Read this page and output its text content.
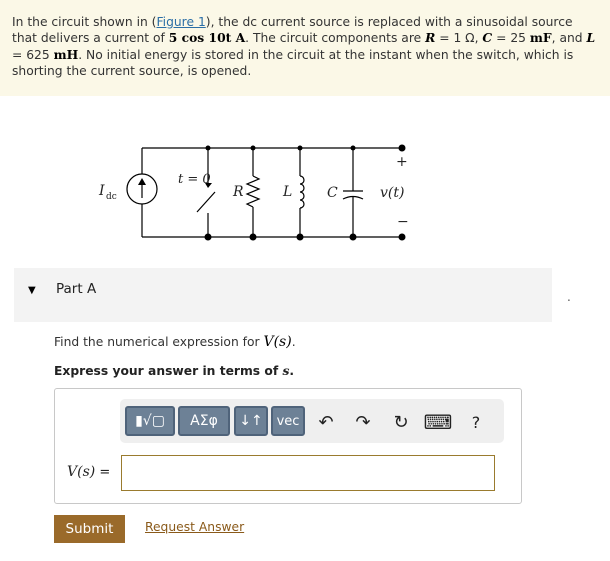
In the circuit shown in (Figure 1), the dc current source is replaced with a sinusoidal source that delivers a current of 5 cos 10t A. The circuit components are R = 1 Ω, C = 25 mF, and L = 625 mH. No initial energy is stored in the circuit at the instant when the switch, which is shorting the current source, is opened.

I dc
t = 0
R	L C	v(t)
+
−
▼ Part A	.
Find the numerical expression for V(s).
Express your answer in terms of s.
▮√▢	ΑΣφ	↓↑	vec	↶ ↷ ↻ ⌨	?
V(s) =
Submit	Request Answer
